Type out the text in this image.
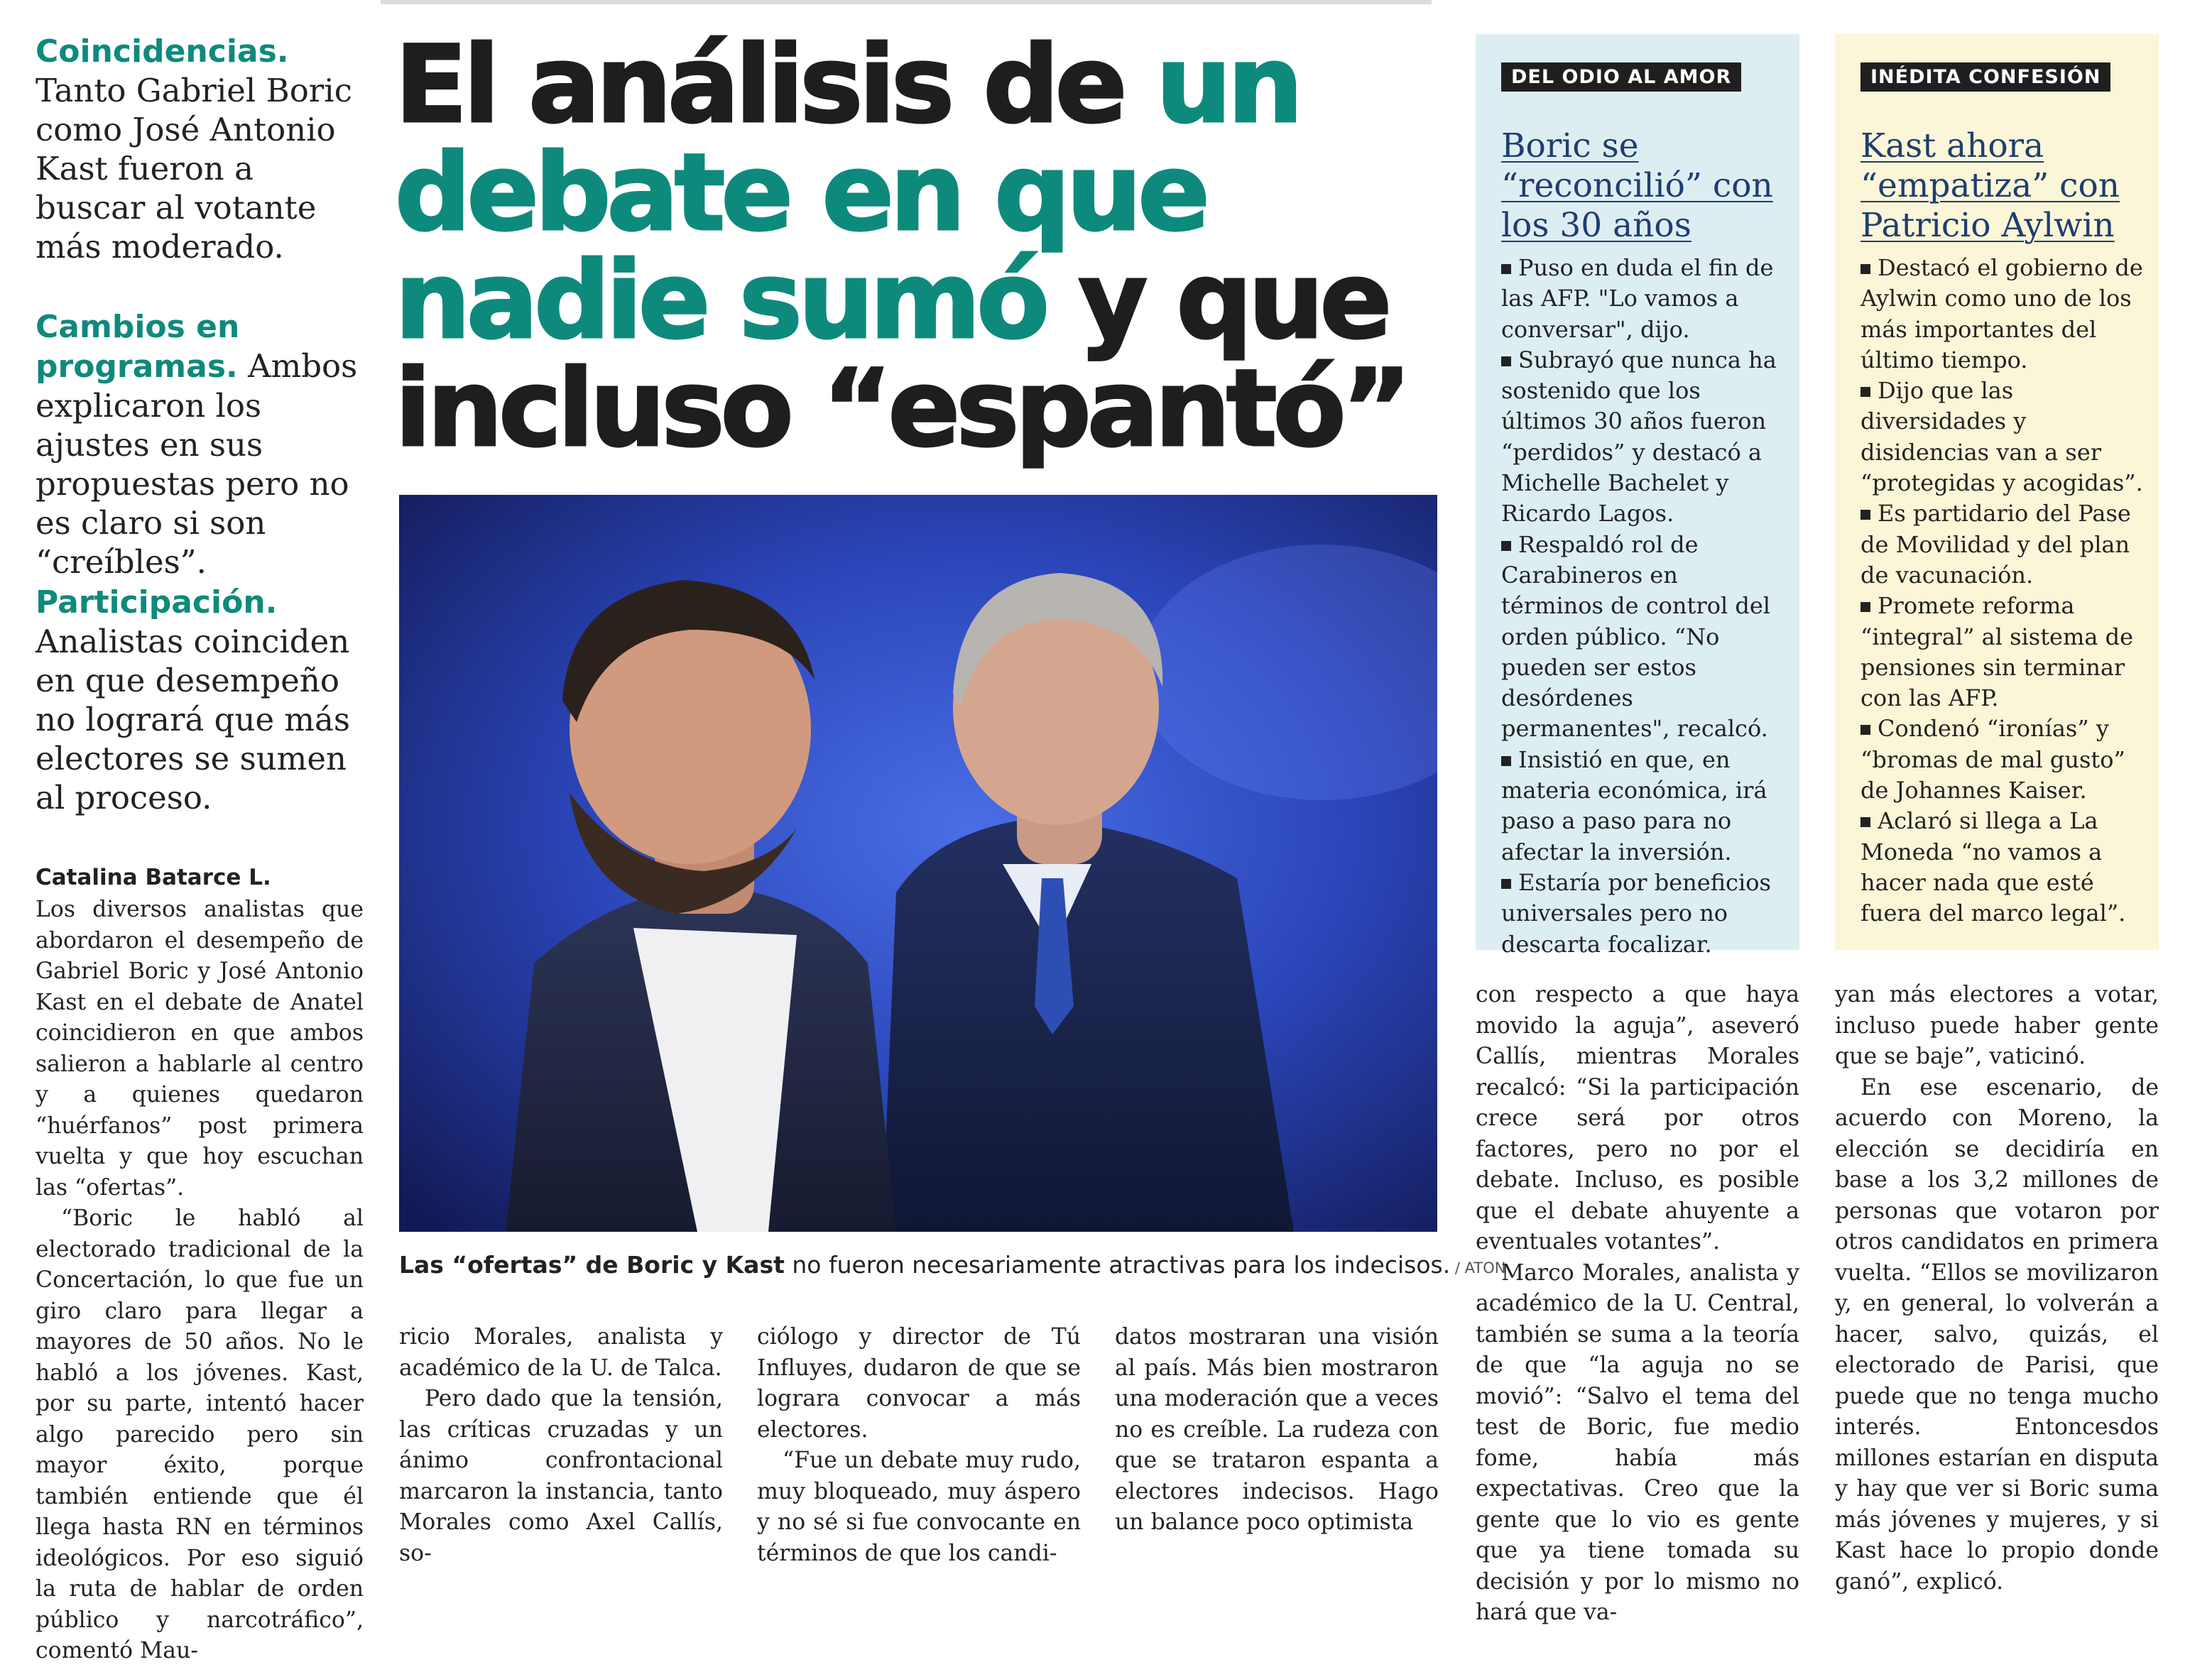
Coincidencias. Tanto Gabriel Boric como José Antonio Kast fueron a buscar al votante más moderado.
Cambios en programas. Ambos explicaron los ajustes en sus propuestas pero no es claro si son “creíbles”.
Participación. Analistas coinciden en que desempeño no logrará que más electores se sumen al proceso.
Catalina Batarce L.

Los diversos analistas que abordaron el desempeño de Gabriel Boric y José Antonio Kast en el debate de Anatel coincidieron en que ambos salieron a hablarle al centro y a quienes quedaron “huérfanos” post primera vuelta y que hoy escuchan las “ofertas”.

“Boric le habló al electorado tradicional de la Concertación, lo que fue un giro claro para llegar a mayores de 50 años. No le habló a los jóvenes. Kast, por su parte, intentó hacer algo parecido pero sin mayor éxito, porque también entiende que él llega hasta RN en términos ideológicos. Por eso siguió la ruta de hablar de orden público y narcotráfico”, comentó Mau-

El análisis de un debate en que nadie sumó y que incluso “espantó”
Las “ofertas” de Boric y Kast no fueron necesariamente atractivas para los indecisos. / ATON

ricio Morales, analista y académico de la U. de Talca.

Pero dado que la tensión, las críticas cruzadas y un ánimo confrontacional marcaron la instancia, tanto Morales como Axel Callís, so-

ciólogo y director de Tú Influyes, dudaron de que se lograra convocar a más electores.

“Fue un debate muy rudo, muy bloqueado, muy áspero y no sé si fue convocante en términos de que los candi-

datos mostraran una visión al país. Más bien mostraron una moderación que a veces no es creíble. La rudeza con que se trataron espanta a electores indecisos. Hago un balance poco optimista

con respecto a que haya movido la aguja”, aseveró Callís, mientras Morales recalcó: “Si la participación crece será por otros factores, pero no por el debate. Incluso, es posible que el debate ahuyente a eventuales votantes”.

Marco Morales, analista y académico de la U. Central, también se suma a la teoría de que “la aguja no se movió”: “Salvo el tema del test de Boric, fue medio fome, había más expectativas. Creo que la gente que lo vio es gente que ya tiene tomada su decisión y por lo mismo no hará que va-

yan más electores a votar, incluso puede haber gente que se baje”, vaticinó.

En ese escenario, de acuerdo con Moreno, la elección se decidiría en base a los 3,2 millones de personas que votaron por otros candidatos en primera vuelta. “Ellos se movilizaron y, en general, lo volverán a hacer, salvo, quizás, el electorado de Parisi, que puede que no tenga mucho interés. Entoncesdos millones estarían en disputa y hay que ver si Boric suma más jóvenes y mujeres, y si Kast hace lo propio donde ganó”, explicó.

DEL ODIO AL AMOR
Boric se “reconcilió” con los 30 años
Puso en duda el fin de las AFP. "Lo vamos a conversar", dijo.
Subrayó que nunca ha sostenido que los últimos 30 años fueron “perdidos” y destacó a Michelle Bachelet y Ricardo Lagos.
Respaldó rol de Carabineros en términos de control del orden público. “No pueden ser estos desórdenes permanentes", recalcó.
Insistió en que, en materia económica, irá paso a paso para no afectar la inversión.
Estaría por beneficios universales pero no descarta focalizar.
INÉDITA CONFESIÓN
Kast ahora “empatiza” con Patricio Aylwin
Destacó el gobierno de Aylwin como uno de los más importantes del último tiempo.
Dijo que las diversidades y disidencias van a ser “protegidas y acogidas”.
Es partidario del Pase de Movilidad y del plan de vacunación.
Promete reforma “integral” al sistema de pensiones sin terminar con las AFP.
Condenó “ironías” y “bromas de mal gusto” de Johannes Kaiser.
Aclaró si llega a La Moneda “no vamos a hacer nada que esté fuera del marco legal”.
